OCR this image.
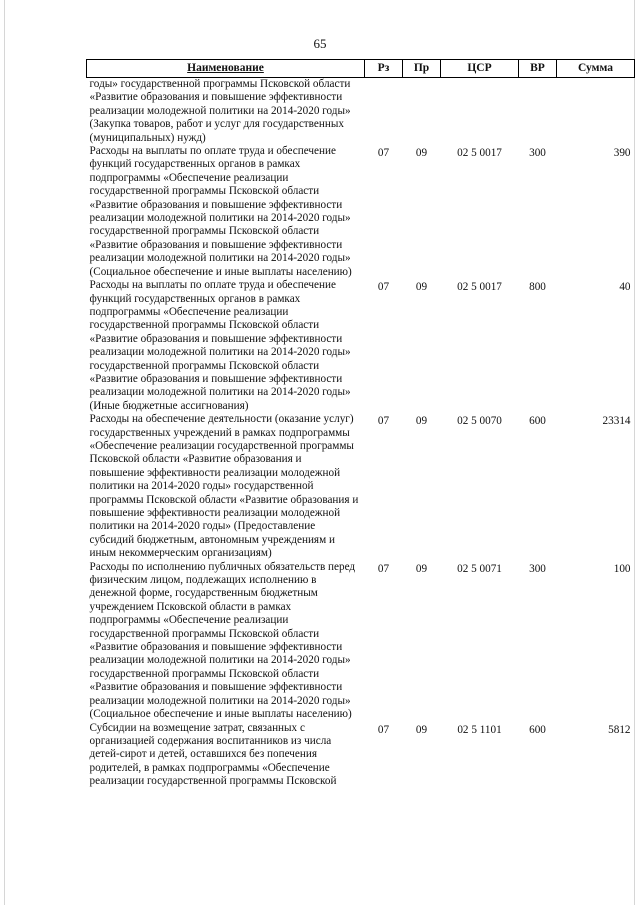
65
Наименование	Рз	Пр	ЦСР	ВР	Сумма
годы» государственной программы Псковской области «Развитие образования и повышение эффективности реализации молодежной политики на 2014-2020 годы» (Закупка товаров, работ и услуг для государственных (муниципальных) нужд)					
Расходы на выплаты по оплате труда и обеспечение функций государственных органов в рамках подпрограммы «Обеспечение реализации государственной программы Псковской области «Развитие образования и повышение эффективности реализации молодежной политики на 2014-2020 годы» государственной программы Псковской области «Развитие образования и повышение эффективности реализации молодежной политики на 2014-2020 годы» (Социальное обеспечение и иные выплаты населению)	07	09	02 5 0017	300	390
Расходы на выплаты по оплате труда и обеспечение функций государственных органов в рамках подпрограммы «Обеспечение реализации государственной программы Псковской области «Развитие образования и повышение эффективности реализации молодежной политики на 2014-2020 годы» государственной программы Псковской области «Развитие образования и повышение эффективности реализации молодежной политики на 2014-2020 годы» (Иные бюджетные ассигнования)	07	09	02 5 0017	800	40
Расходы на обеспечение деятельности (оказание услуг) государственных учреждений в рамках подпрограммы «Обеспечение реализации государственной программы Псковской области «Развитие образования и повышение эффективности реализации молодежной политики на 2014-2020 годы» государственной программы Псковской области «Развитие образования и повышение эффективности реализации молодежной политики на 2014-2020 годы» (Предоставление субсидий бюджетным, автономным учреждениям и иным некоммерческим организациям)	07	09	02 5 0070	600	23314
Расходы по исполнению публичных обязательств перед физическим лицом, подлежащих исполнению в денежной форме, государственным бюджетным учреждением Псковской области в рамках подпрограммы «Обеспечение реализации государственной программы Псковской области «Развитие образования и повышение эффективности реализации молодежной политики на 2014-2020 годы» государственной программы Псковской области «Развитие образования и повышение эффективности реализации молодежной политики на 2014-2020 годы» (Социальное обеспечение и иные выплаты населению)	07	09	02 5 0071	300	100
Субсидии на возмещение затрат, связанных с организацией содержания воспитанников из числа детей-сирот и детей, оставшихся без попечения родителей, в рамках подпрограммы «Обеспечение реализации государственной программы Псковской	07	09	02 5 1101	600	5812
